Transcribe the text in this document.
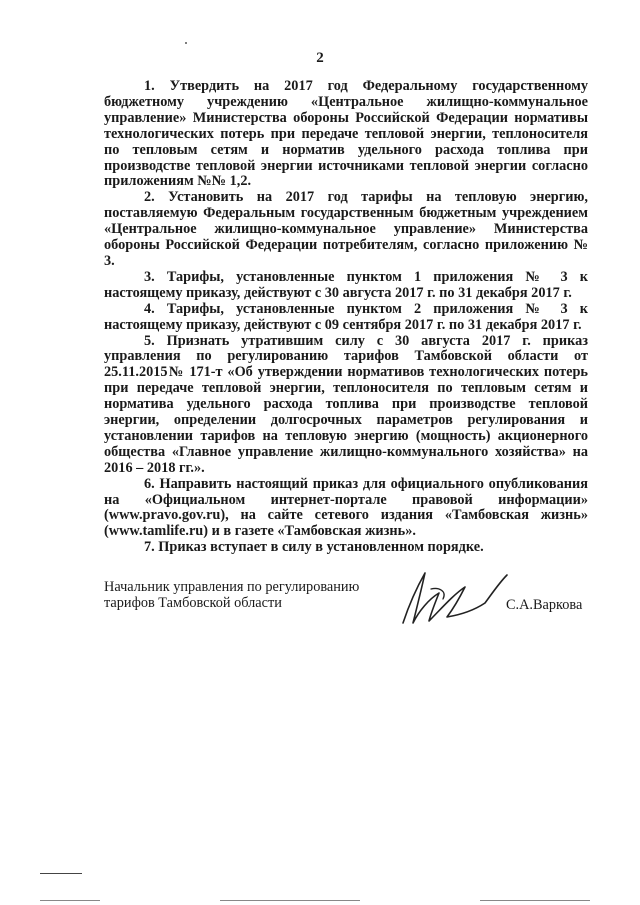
2

1. Утвердить на 2017 год Федеральному государственному бюджетному учреждению «Центральное жилищно-коммунальное управление» Министерства обороны Российской Федерации нормативы технологических потерь при передаче тепловой энергии, теплоносителя по тепловым сетям и норматив удельного расхода топлива при производстве тепловой энергии источниками тепловой энергии согласно приложениям №№ 1,2.

2. Установить на 2017 год тарифы на тепловую энергию, поставляемую Федеральным государственным бюджетным учреждением «Центральное жилищно-коммунальное управление» Министерства обороны Российской Федерации потребителям, согласно приложению № 3.

3. Тарифы, установленные пунктом 1 приложения № 3 к настоящему приказу, действуют с 30 августа 2017 г. по 31 декабря 2017 г.

4. Тарифы, установленные пунктом 2 приложения № 3 к настоящему приказу, действуют с 09 сентября 2017 г. по 31 декабря 2017 г.

5. Признать утратившим силу с 30 августа 2017 г. приказ управления по регулированию тарифов Тамбовской области от 25.11.2015№ 171-т «Об утверждении нормативов технологических потерь при передаче тепловой энергии, теплоносителя по тепловым сетям и норматива удельного расхода топлива при производстве тепловой энергии, определении долгосрочных параметров регулирования и установлении тарифов на тепловую энергию (мощность) акционерного общества «Главное управление жилищно-коммунального хозяйства» на 2016 – 2018 гг.».

6. Направить настоящий приказ для официального опубликования на «Официальном интернет-портале правовой информации» (www.pravo.gov.ru), на сайте сетевого издания «Тамбовская жизнь» (www.tamlife.ru) и в газете «Тамбовская жизнь».

7. Приказ вступает в силу в установленном порядке.

Начальник управления по регулированию
тарифов Тамбовской области	С.А.Варкова
